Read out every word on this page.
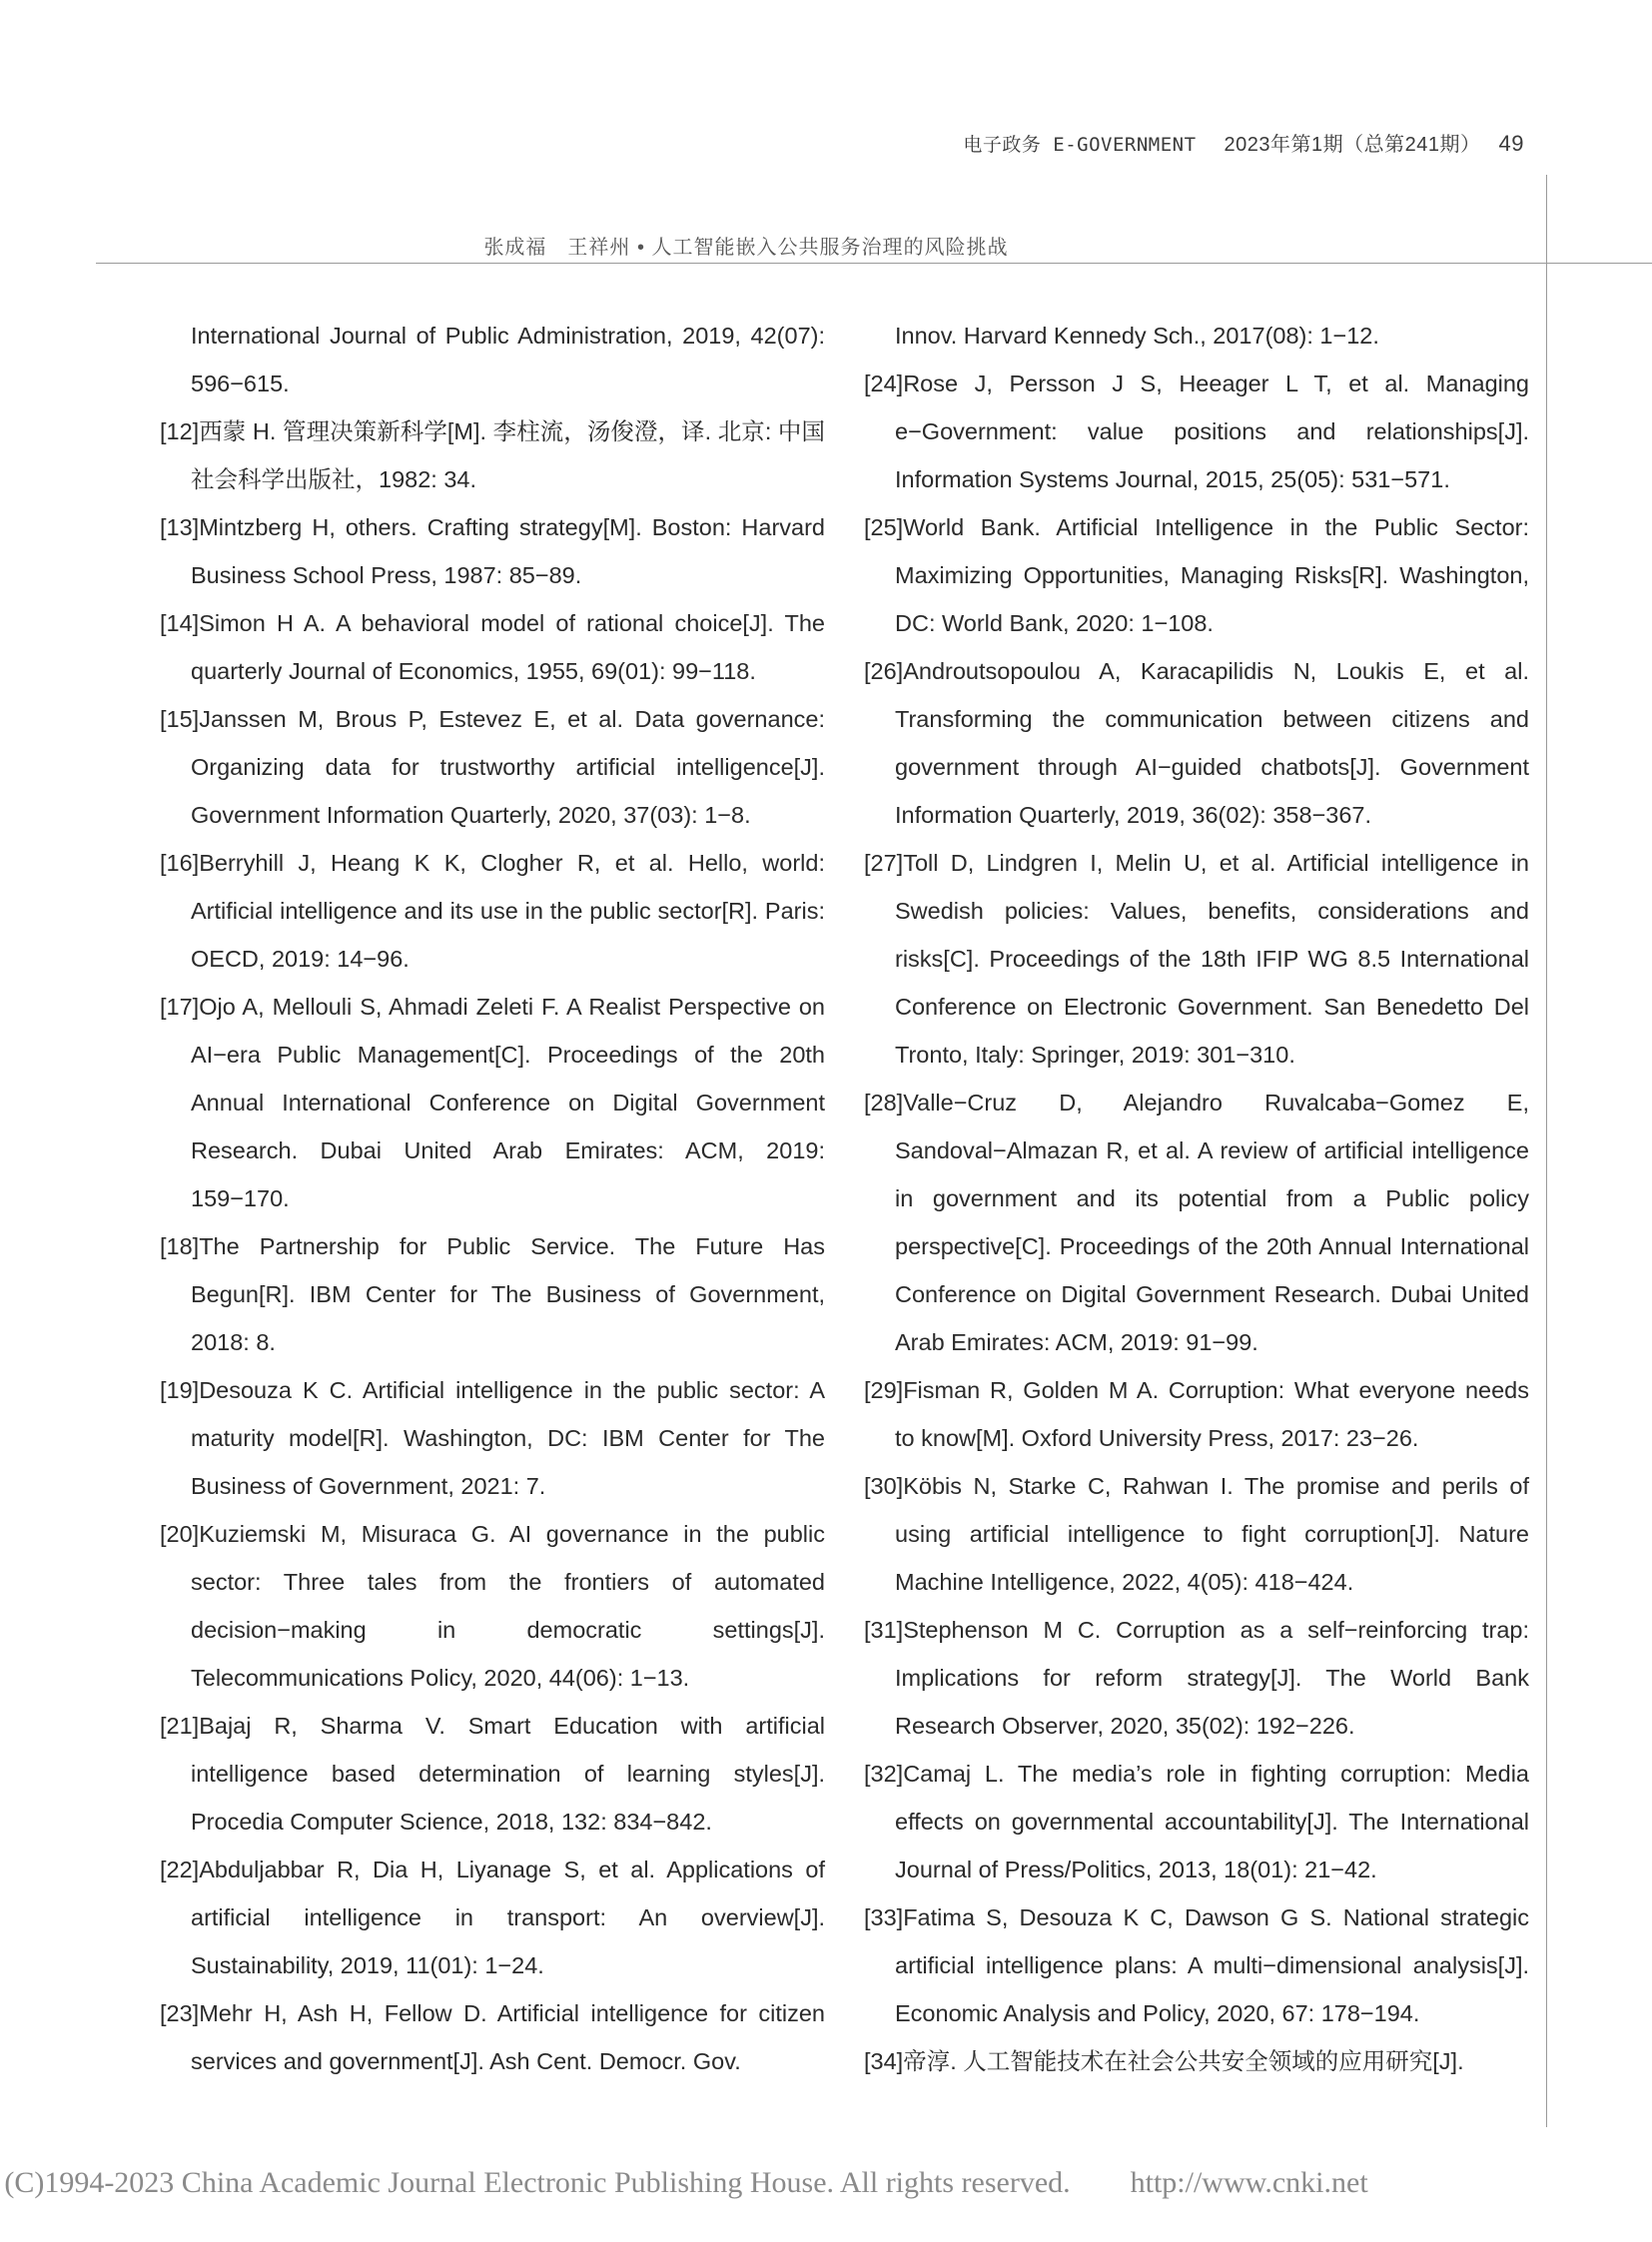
电子政务 E-GOVERNMENT 2023年第1期（总第241期） 49
张成福　王祥州 • 人工智能嵌入公共服务治理的风险挑战
International Journal of Public Administration, 2019, 42(07): 596−615.
[12]西蒙 H. 管理决策新科学[M]. 李柱流，汤俊澄，译. 北京: 中国社会科学出版社，1982: 34.
[13]Mintzberg H, others. Crafting strategy[M]. Boston: Harvard Business School Press, 1987: 85−89.
[14]Simon H A. A behavioral model of rational choice[J]. The quarterly Journal of Economics, 1955, 69(01): 99−118.
[15]Janssen M, Brous P, Estevez E, et al. Data governance: Organizing data for trustworthy artificial intelligence[J]. Government Information Quarterly, 2020, 37(03): 1−8.
[16]Berryhill J, Heang K K, Clogher R, et al. Hello, world: Artificial intelligence and its use in the public sector[R]. Paris: OECD, 2019: 14−96.
[17]Ojo A, Mellouli S, Ahmadi Zeleti F. A Realist Perspective on AI−era Public Management[C]. Proceedings of the 20th Annual International Conference on Digital Government Research. Dubai United Arab Emirates: ACM, 2019: 159−170.
[18]The Partnership for Public Service. The Future Has Begun[R]. IBM Center for The Business of Government, 2018: 8.
[19]Desouza K C. Artificial intelligence in the public sector: A maturity model[R]. Washington, DC: IBM Center for The Business of Government, 2021: 7.
[20]Kuziemski M, Misuraca G. AI governance in the public sector: Three tales from the frontiers of automated decision−making in democratic settings[J]. Telecommunications Policy, 2020, 44(06): 1−13.
[21]Bajaj R, Sharma V. Smart Education with artificial intelligence based determination of learning styles[J]. Procedia Computer Science, 2018, 132: 834−842.
[22]Abduljabbar R, Dia H, Liyanage S, et al. Applications of artificial intelligence in transport: An overview[J]. Sustainability, 2019, 11(01): 1−24.
[23]Mehr H, Ash H, Fellow D. Artificial intelligence for citizen services and government[J]. Ash Cent. Democr. Gov.
Innov. Harvard Kennedy Sch., 2017(08): 1−12.
[24]Rose J, Persson J S, Heeager L T, et al. Managing e−Government: value positions and relationships[J]. Information Systems Journal, 2015, 25(05): 531−571.
[25]World Bank. Artificial Intelligence in the Public Sector: Maximizing Opportunities, Managing Risks[R]. Washington, DC: World Bank, 2020: 1−108.
[26]Androutsopoulou A, Karacapilidis N, Loukis E, et al. Transforming the communication between citizens and government through AI−guided chatbots[J]. Government Information Quarterly, 2019, 36(02): 358−367.
[27]Toll D, Lindgren I, Melin U, et al. Artificial intelligence in Swedish policies: Values, benefits, considerations and risks[C]. Proceedings of the 18th IFIP WG 8.5 International Conference on Electronic Government. San Benedetto Del Tronto, Italy: Springer, 2019: 301−310.
[28]Valle−Cruz D, Alejandro Ruvalcaba−Gomez E, Sandoval−Almazan R, et al. A review of artificial intelligence in government and its potential from a Public policy perspective[C]. Proceedings of the 20th Annual International Conference on Digital Government Research. Dubai United Arab Emirates: ACM, 2019: 91−99.
[29]Fisman R, Golden M A. Corruption: What everyone needs to know[M]. Oxford University Press, 2017: 23−26.
[30]Köbis N, Starke C, Rahwan I. The promise and perils of using artificial intelligence to fight corruption[J]. Nature Machine Intelligence, 2022, 4(05): 418−424.
[31]Stephenson M C. Corruption as a self−reinforcing trap: Implications for reform strategy[J]. The World Bank Research Observer, 2020, 35(02): 192−226.
[32]Camaj L. The media’s role in fighting corruption: Media effects on governmental accountability[J]. The International Journal of Press/Politics, 2013, 18(01): 21−42.
[33]Fatima S, Desouza K C, Dawson G S. National strategic artificial intelligence plans: A multi−dimensional analysis[J]. Economic Analysis and Policy, 2020, 67: 178−194.
[34]帝淳. 人工智能技术在社会公共安全领域的应用研究[J].
(C)1994-2023 China Academic Journal Electronic Publishing House. All rights reserved.　　http://www.cnki.net
